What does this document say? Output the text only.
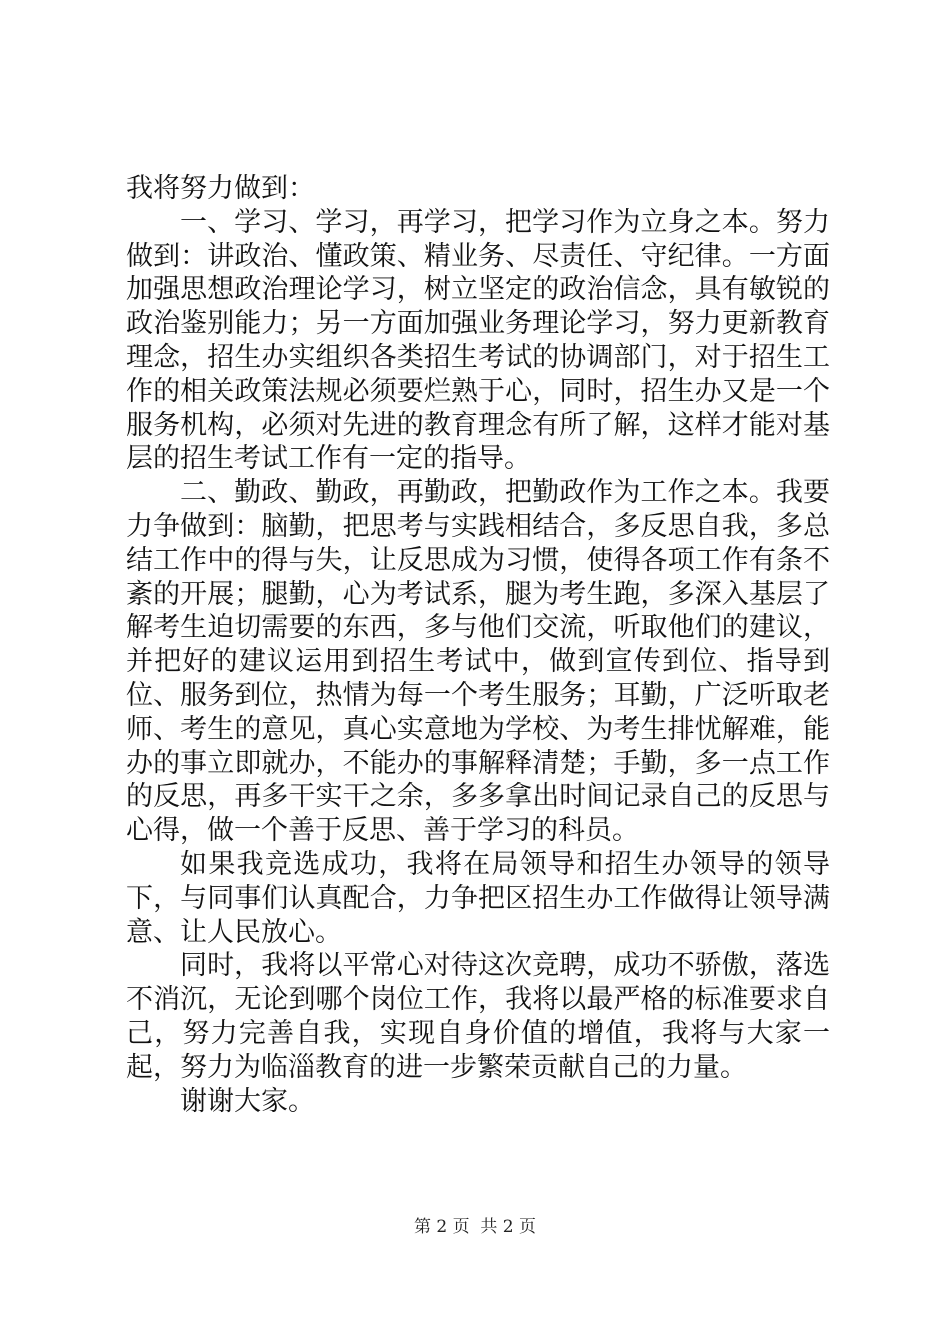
我将努力做到：

一、学习、学习，再学习，把学习作为立身之本。努力做到：讲政治、懂政策、精业务、尽责任、守纪律。一方面加强思想政治理论学习，树立坚定的政治信念，具有敏锐的政治鉴别能力；另一方面加强业务理论学习，努力更新教育理念，招生办实组织各类招生考试的协调部门，对于招生工作的相关政策法规必须要烂熟于心，同时，招生办又是一个服务机构，必须对先进的教育理念有所了解，这样才能对基层的招生考试工作有一定的指导。

二、勤政、勤政，再勤政，把勤政作为工作之本。我要力争做到：脑勤，把思考与实践相结合，多反思自我，多总结工作中的得与失，让反思成为习惯，使得各项工作有条不紊的开展；腿勤，心为考试系，腿为考生跑，多深入基层了解考生迫切需要的东西，多与他们交流，听取他们的建议，并把好的建议运用到招生考试中，做到宣传到位、指导到位、服务到位，热情为每一个考生服务；耳勤，广泛听取老师、考生的意见，真心实意地为学校、为考生排忧解难，能办的事立即就办，不能办的事解释清楚；手勤，多一点工作的反思，再多干实干之余，多多拿出时间记录自己的反思与心得，做一个善于反思、善于学习的科员。

如果我竞选成功，我将在局领导和招生办领导的领导下，与同事们认真配合，力争把区招生办工作做得让领导满意、让人民放心。

同时，我将以平常心对待这次竞聘，成功不骄傲，落选不消沉，无论到哪个岗位工作，我将以最严格的标准要求自己，努力完善自我，实现自身价值的增值，我将与大家一起，努力为临淄教育的进一步繁荣贡献自己的力量。

谢谢大家。

第 2 页  共 2 页
